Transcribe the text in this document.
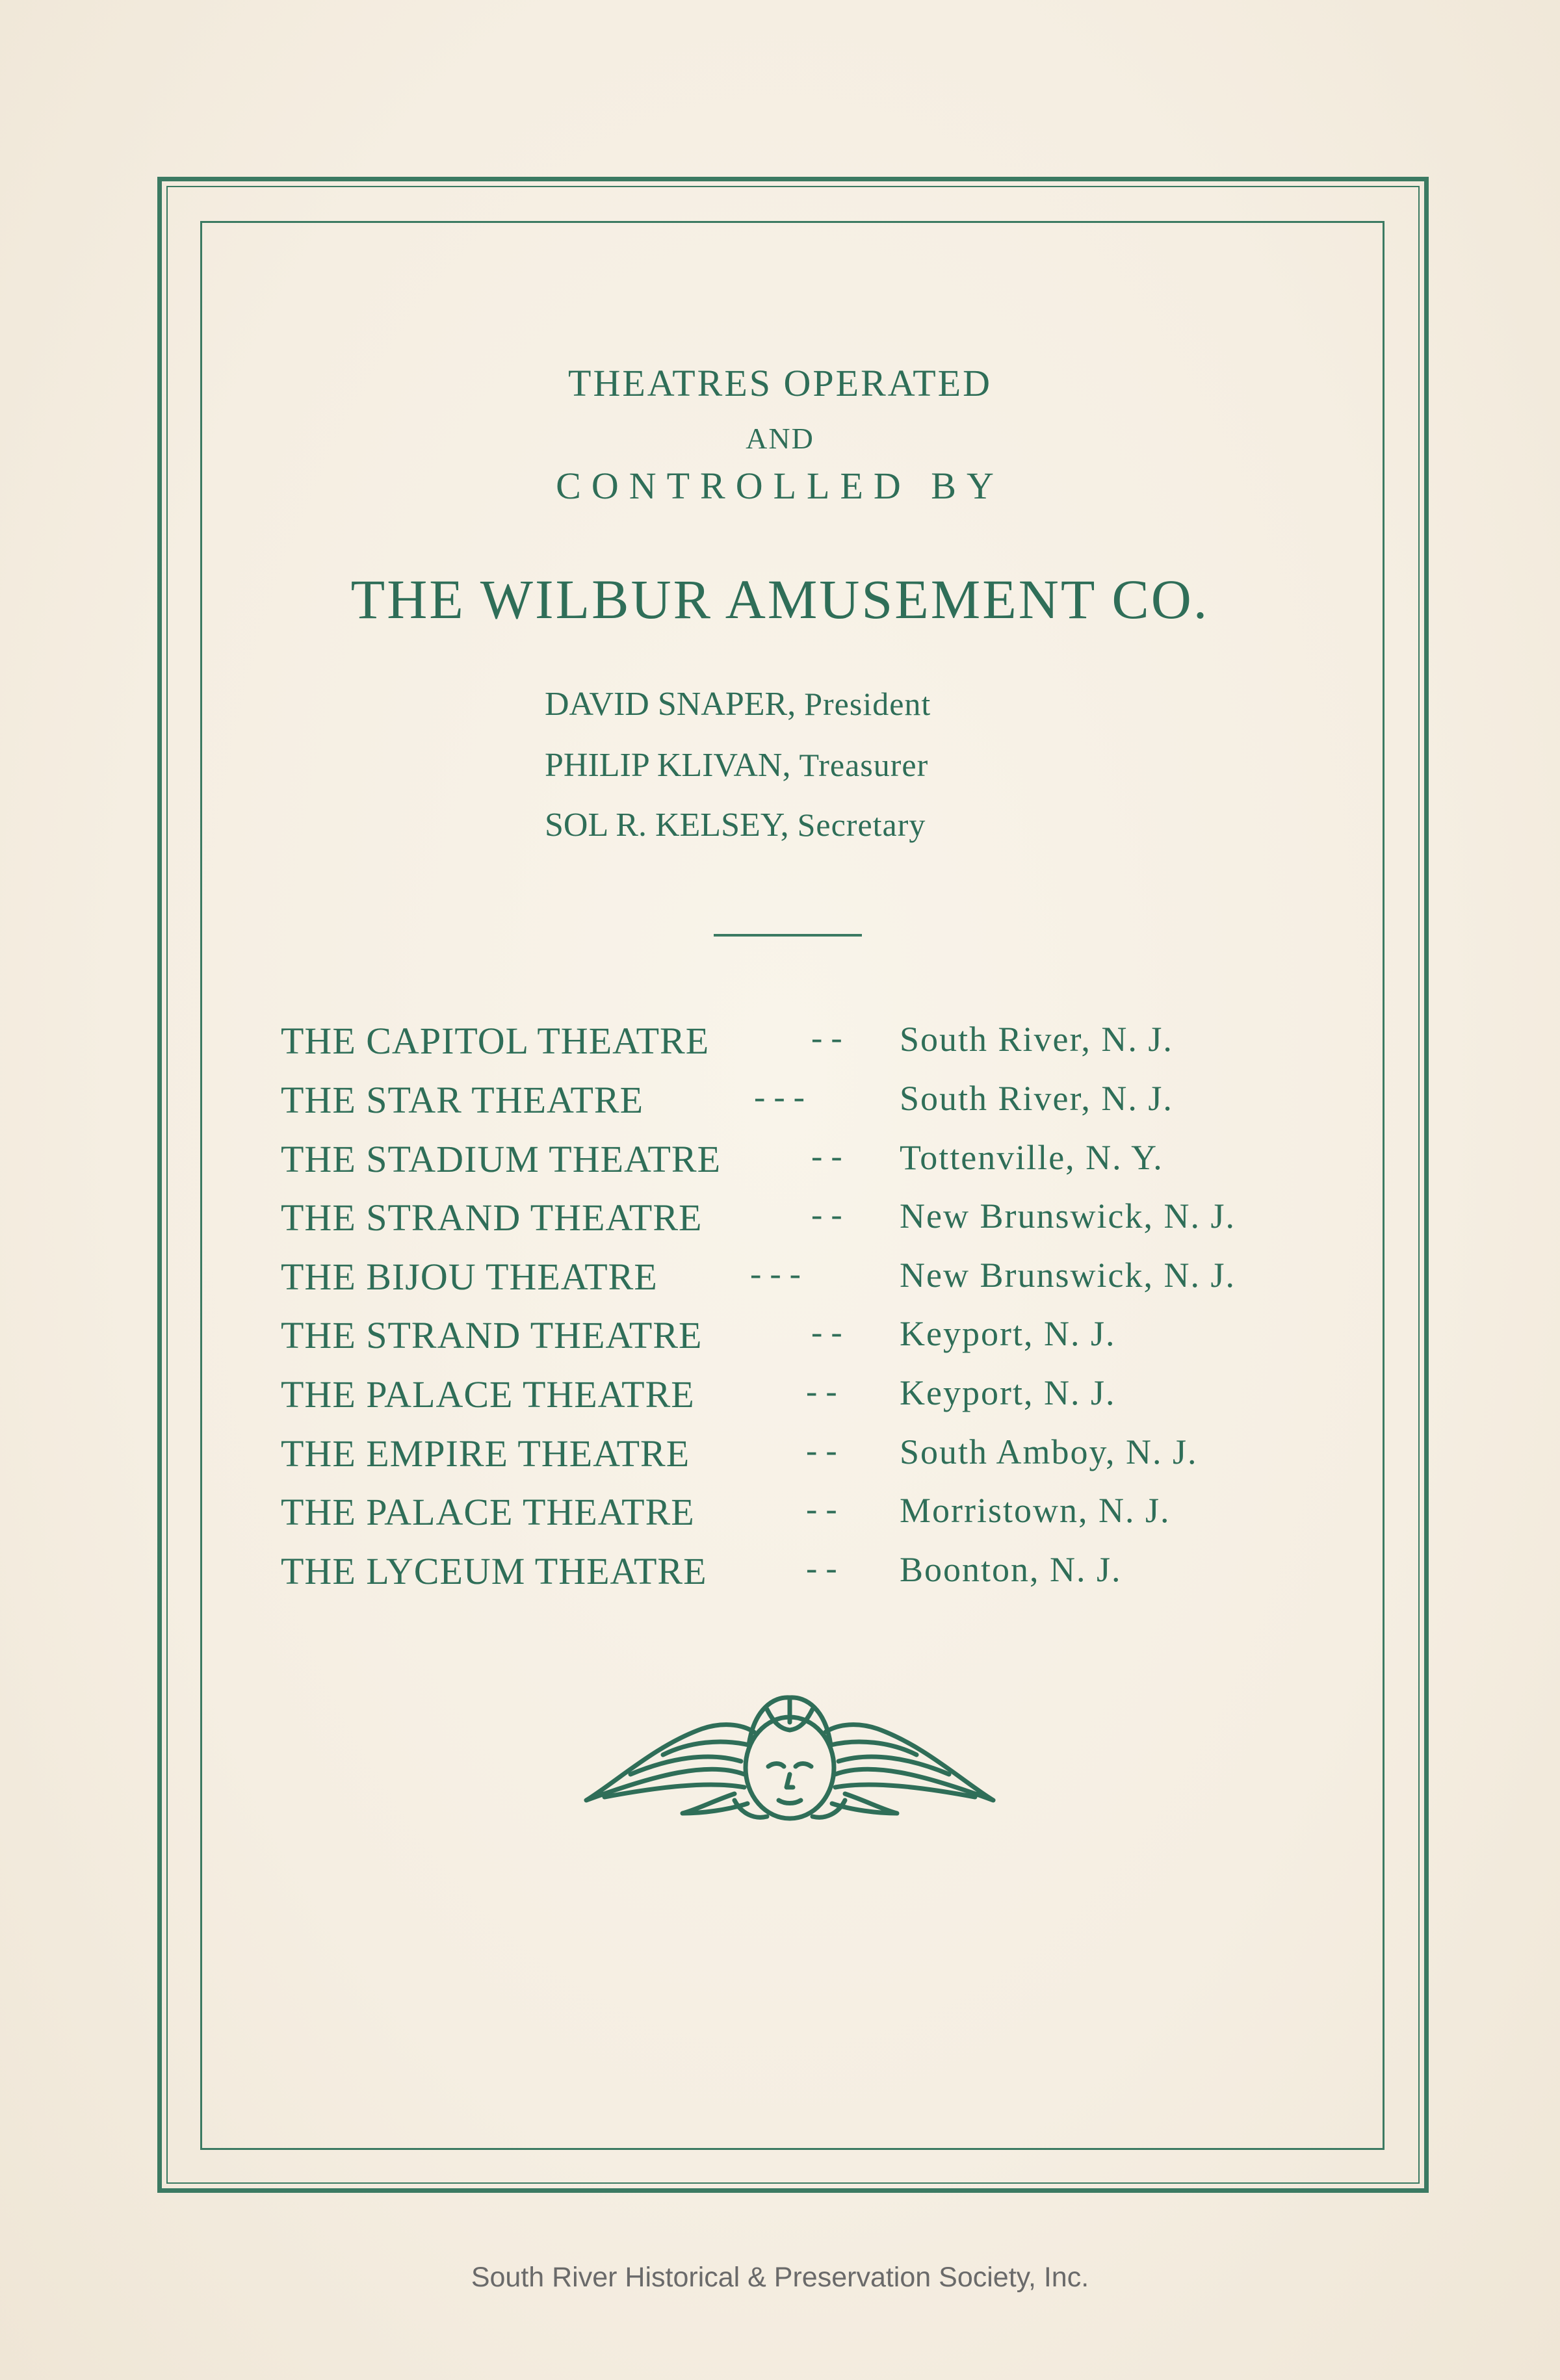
THEATRES OPERATED
AND
CONTROLLED BY
THE WILBUR AMUSEMENT CO.
DAVID SNAPER, President
PHILIP KLIVAN, Treasurer
SOL R. KELSEY, Secretary
THE CAPITOL THEATRE	- - South River, N. J.
THE STAR THEATRE	- - -	South River, N. J.
THE STADIUM THEATRE	- - Tottenville, N. Y.
THE STRAND THEATRE	- - New Brunswick, N. J.
THE BIJOU THEATRE	- - -	New Brunswick, N. J.
THE STRAND THEATRE	- - Keyport, N. J.
THE PALACE THEATRE	- - Keyport, N. J.
THE EMPIRE THEATRE	- - South Amboy, N. J.
THE PALACE THEATRE	- - Morristown, N. J.
THE LYCEUM THEATRE	- - Boonton, N. J.
South River Historical & Preservation Society, Inc.
